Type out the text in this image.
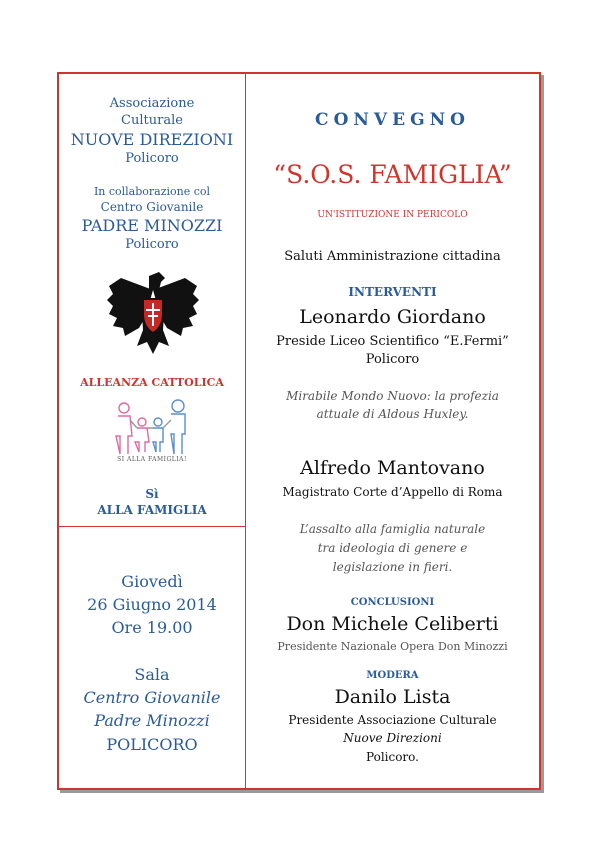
Associazione
Culturale
NUOVE DIREZIONI
Policoro
In collaborazione col
Centro Giovanile
PADRE MINOZZI
Policoro
ALLEANZA CATTOLICA
SI ALLA FAMIGLIA!
Sì
ALLA FAMIGLIA
Giovedì
26 Giugno 2014
Ore 19.00
Sala
Centro Giovanile
Padre Minozzi
POLICORO
CONVEGNO
“S.O.S. FAMIGLIA”
UN'ISTITUZIONE IN PERICOLO
Saluti Amministrazione cittadina
INTERVENTI
Leonardo Giordano
Preside Liceo Scientifico “E.Fermi”
Policoro
Mirabile Mondo Nuovo: la profezia
attuale di Aldous Huxley.
Alfredo Mantovano
Magistrato Corte d’Appello di Roma
L’assalto alla famiglia naturale
tra ideologia di genere e
legislazione in fieri.
CONCLUSIONI
Don Michele Celiberti
Presidente Nazionale Opera Don Minozzi
MODERA
Danilo Lista
Presidente Associazione Culturale
Nuove Direzioni
Policoro.
